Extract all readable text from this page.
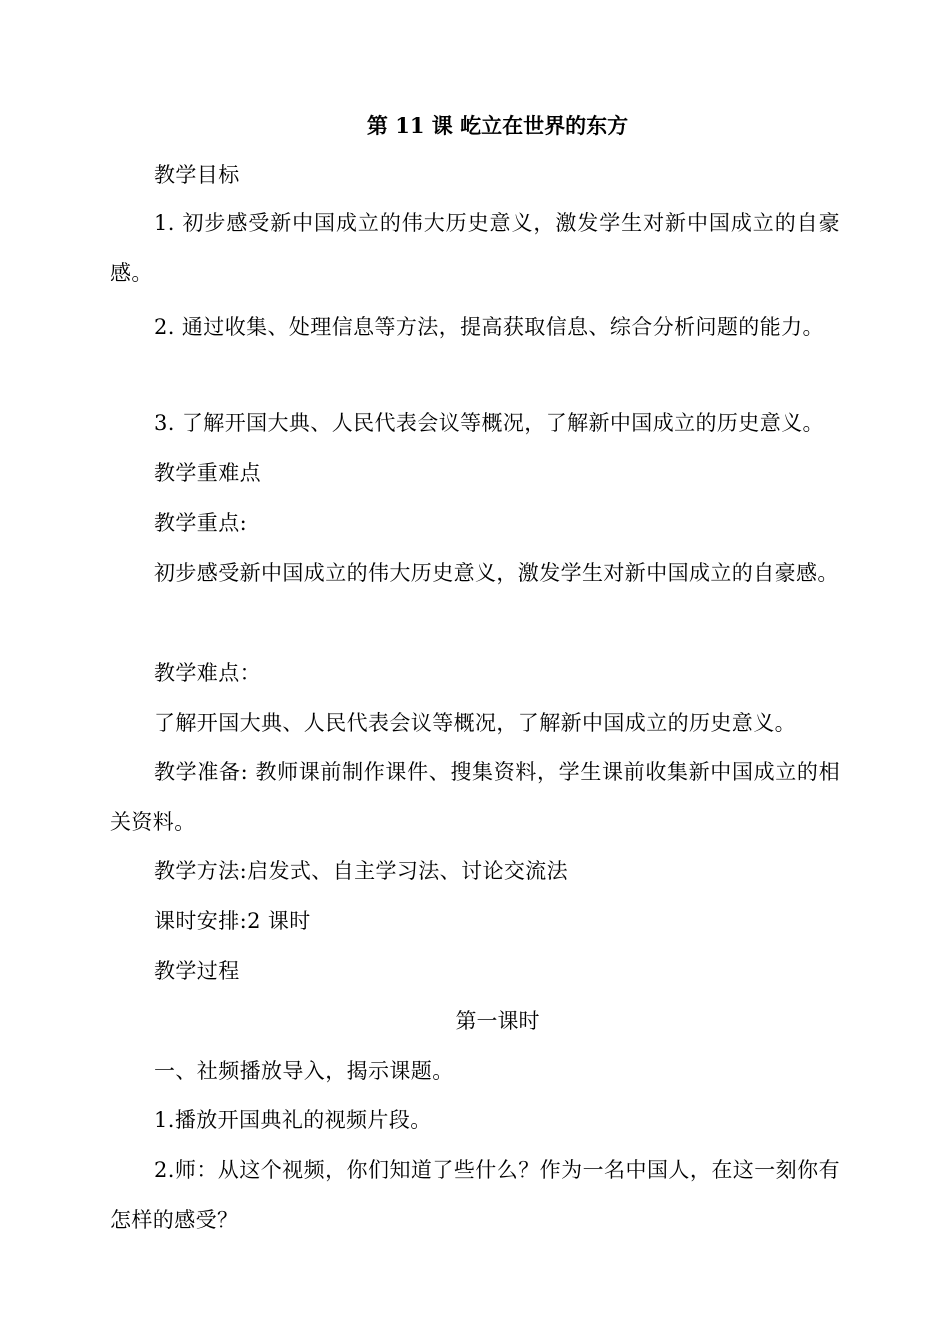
第 11 课 屹立在世界的东方
教学目标
1. 初步感受新中国成立的伟大历史意义，激发学生对新中国成立的自豪感。
2. 通过收集、处理信息等方法，提高获取信息、综合分析问题的能力。
3. 了解开国大典、人民代表会议等概况，了解新中国成立的历史意义。
教学重难点
教学重点:
初步感受新中国成立的伟大历史意义，激发学生对新中国成立的自豪感。
教学难点：
了解开国大典、人民代表会议等概况，了解新中国成立的历史意义。
教学准备: 教师课前制作课件、搜集资料，学生课前收集新中国成立的相关资料。
教学方法:启发式、自主学习法、讨论交流法
课时安排:2 课时
教学过程
第一课时
一、社频播放导入，揭示课题。
1.播放开国典礼的视频片段。
2.师：从这个视频，你们知道了些什么？作为一名中国人，在这一刻你有怎样的感受？
